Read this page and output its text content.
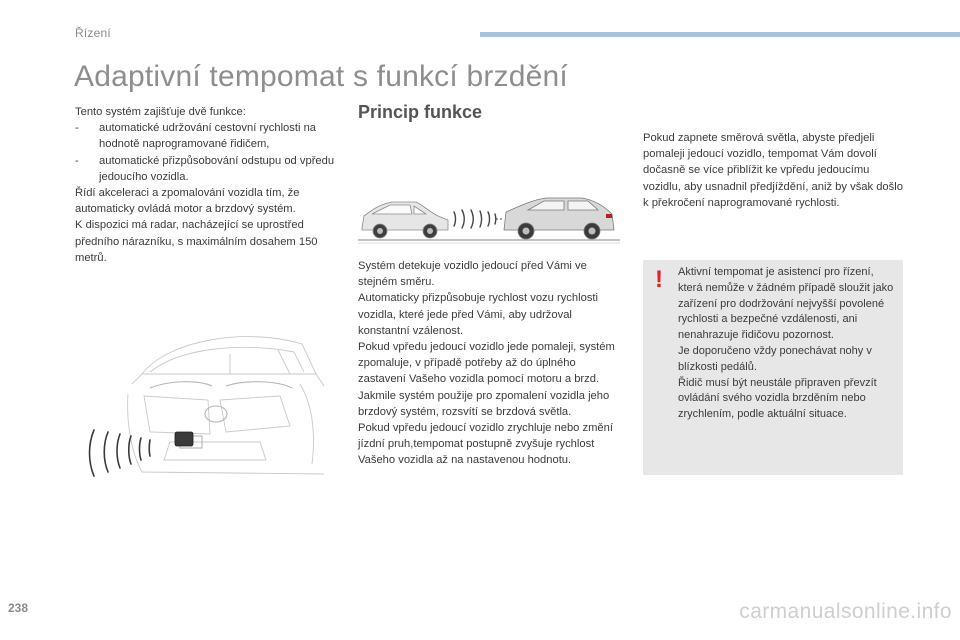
Řízení
Adaptivní tempomat s funkcí brzdění

Tento systém zajišťuje dvě funkce:

-	automatické udržování cestovní rychlosti na hodnotě naprogramované řidičem,
-	automatické přizpůsobování odstupu od vpředu jedoucího vozidla.

Řídí akceleraci a zpomalování vozidla tím, že automaticky ovládá motor a brzdový systém.

K dispozici má radar, nacházející se uprostřed předního nárazníku, s maximálním dosahem 150 metrů.

Princip funkce

Systém detekuje vozidlo jedoucí před Vámi ve stejném směru.

Automaticky přizpůsobuje rychlost vozu rychlosti vozidla, které jede před Vámi, aby udržoval konstantní vzálenost.

Pokud vpředu jedoucí vozidlo jede pomaleji, systém zpomaluje, v případě potřeby až do úplného zastavení Vašeho vozidla pomocí motoru a brzd.

Jakmile systém použije pro zpomalení vozidla jeho brzdový systém, rozsvítí se brzdová světla.

Pokud vpředu jedoucí vozidlo zrychluje nebo změní jízdní pruh,tempomat postupně zvyšuje rychlost Vašeho vozidla až na nastavenou hodnotu.

Pokud zapnete směrová světla, abyste předjeli pomaleji jedoucí vozidlo, tempomat Vám dovolí dočasně se více přiblížit ke vpředu jedoucímu vozidlu, aby usnadnil předjíždění, aniž by však došlo k překročení naprogramované rychlosti.

! Aktivní tempomat je asistencí pro řízení, která nemůže v žádném případě sloužit jako zařízení pro dodržování nejvyšší povolené rychlosti a bezpečné vzdálenosti, ani nenahrazuje řidičovu pozornost.

Je doporučeno vždy ponechávat nohy v blízkosti pedálů.

Řidič musí být neustále připraven převzít ovládání svého vozidla brzděním nebo zrychlením, podle aktuální situace.

238	carmanualsonline.info
